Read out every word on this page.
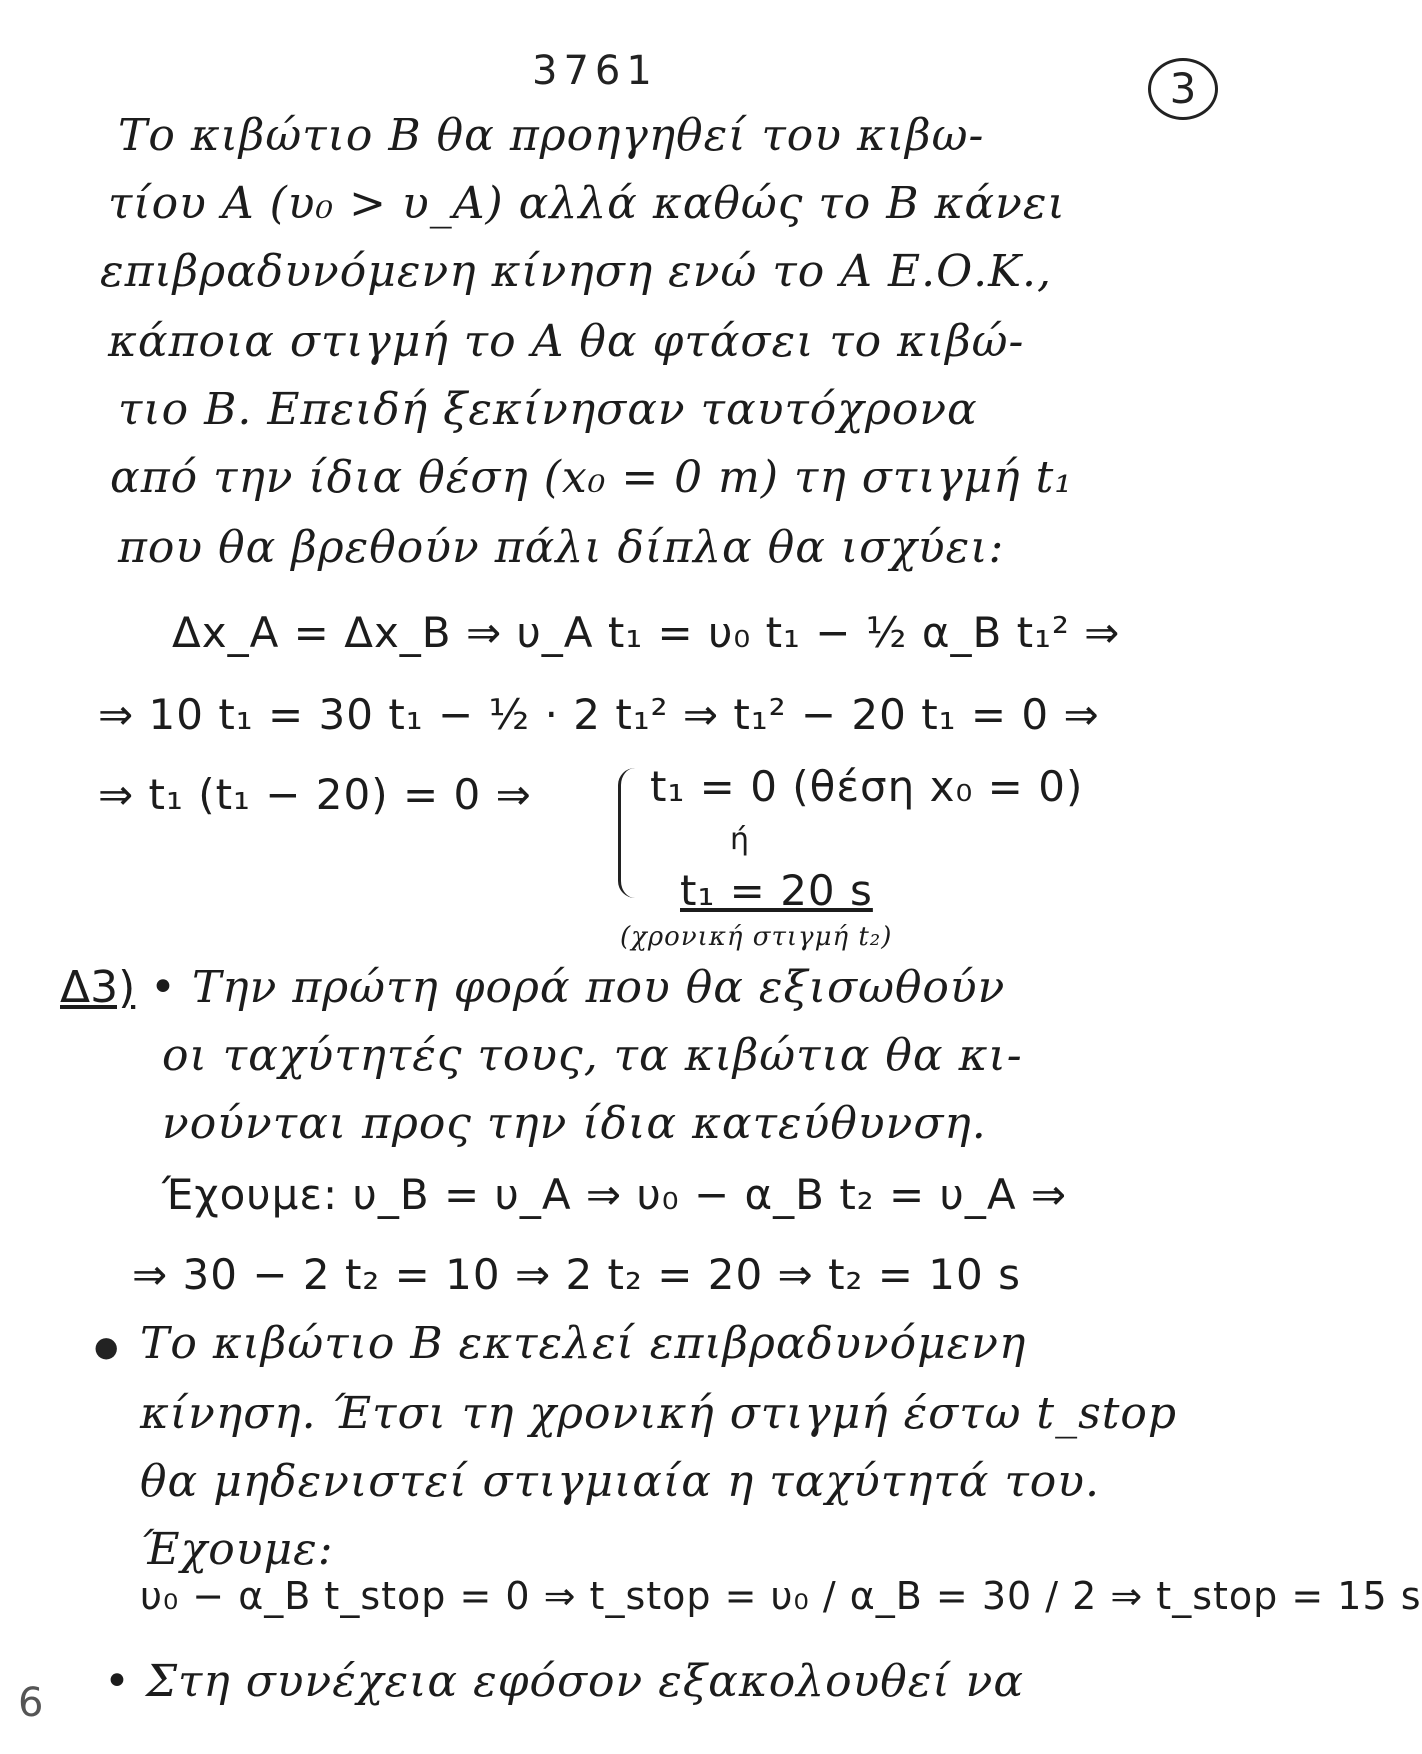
3761	3
Το κιβώτιο Β θα προηγηθεί του κιβω-
τίου Α (υ₀ > υ_A) αλλά καθώς το Β κάνει
επιβραδυνόμενη κίνηση ενώ το Α Ε.Ο.Κ.,
κάποια στιγμή το Α θα φτάσει το κιβώ-
τιο Β. Επειδή ξεκίνησαν ταυτόχρονα
από την ίδια θέση (x₀ = 0 m) τη στιγμή t₁
που θα βρεθούν πάλι δίπλα θα ισχύει:
Δx_A = Δx_B ⇒ υ_A t₁ = υ₀ t₁ − ½ α_B t₁² ⇒
⇒ 10 t₁ = 30 t₁ − ½ · 2 t₁² ⇒ t₁² − 20 t₁ = 0 ⇒
⇒ t₁ (t₁ − 20) = 0 ⇒	t₁ = 0 (θέση x₀ = 0)
ή
t₁ = 20 s
(χρονική στιγμή t₂)
Δ3) • Την πρώτη φορά που θα εξισωθούν
οι ταχύτητές τους, τα κιβώτια θα κι-
νούνται προς την ίδια κατεύθυνση.
Έχουμε: υ_B = υ_A ⇒ υ₀ − α_B t₂ = υ_A ⇒
⇒ 30 − 2 t₂ = 10 ⇒ 2 t₂ = 20 ⇒ t₂ = 10 s
● Το κιβώτιο Β εκτελεί επιβραδυνόμενη
κίνηση. Έτσι τη χρονική στιγμή έστω t_stop
θα μηδενιστεί στιγμιαία η ταχύτητά του.
Έχουμε:
υ₀ − α_B t_stop = 0 ⇒ t_stop = υ₀ / α_B = 30 / 2 ⇒ t_stop = 15 s
• Στη συνέχεια εφόσον εξακολουθεί να
6
